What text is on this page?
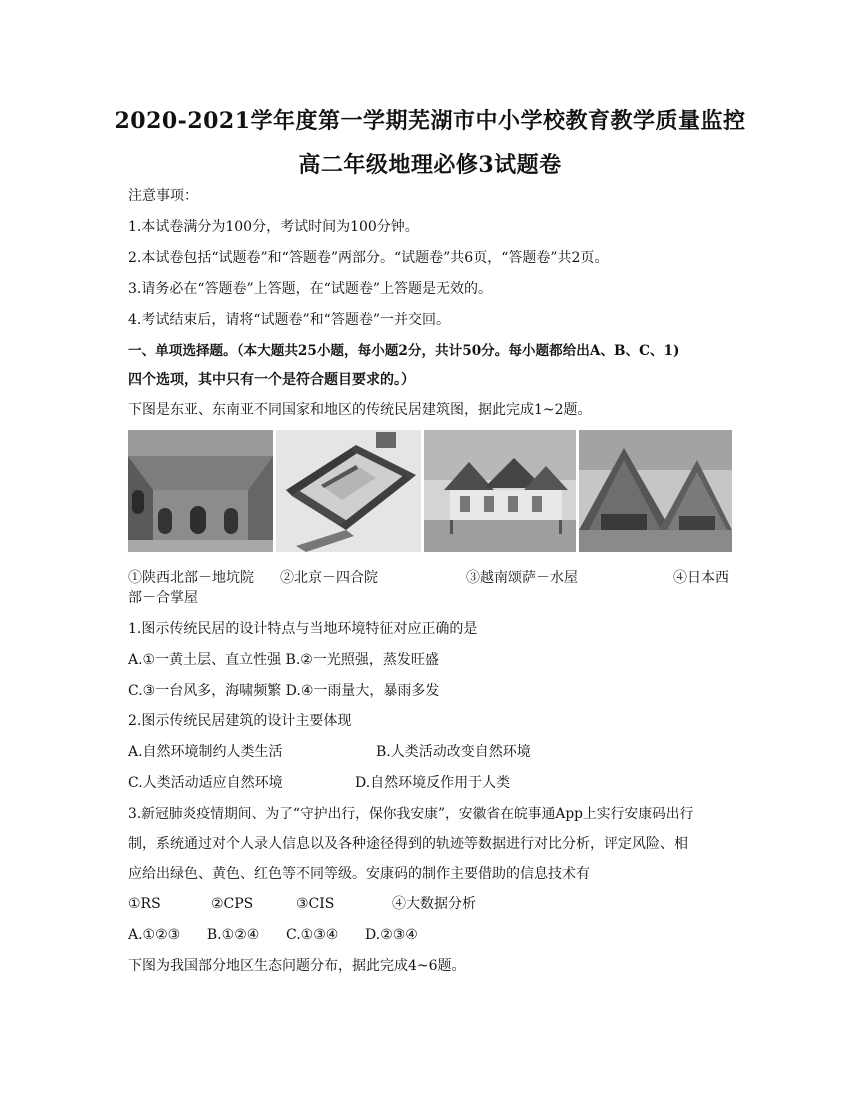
2020-2021学年度第一学期芜湖市中小学校教育教学质量监控
高二年级地理必修3试题卷
注意事项：
1.本试卷满分为100分，考试时间为100分钟。
2.本试卷包括“试题卷”和“答题卷”两部分。“试题卷”共6页，“答题卷”共2页。
3.请务必在“答题卷”上答题，在“试题卷”上答题是无效的。
4.考试结束后，请将“试题卷”和“答题卷”一并交回。
一、单项选择题。（本大题共25小题，每小题2分，共计50分。每小题都给出A、B、C、1)
四个选项，其中只有一个是符合题目要求的。）
下图是东亚、东南亚不同国家和地区的传统民居建筑图，据此完成1~2题。
①陕西北部－地坑院 ②北京－四合院	③越南颂萨－水屋	④日本西
部－合掌屋
1.图示传统民居的设计特点与当地环境特征对应正确的是
A.①一黄土层、直立性强 B.②一光照强，蒸发旺盛
C.③一台风多，海啸频繁 D.④一雨量大，暴雨多发
2.图示传统民居建筑的设计主要体现
A.自然环境制约人类生活	B.人类活动改变自然环境
C.人类活动适应自然环境	D.自然环境反作用于人类
3.新冠肺炎疫情期间、为了“守护出行，保你我安康”，安徽省在皖事通App上实行安康码出行
制，系统通过对个人录人信息以及各种途径得到的轨迹等数据进行对比分析，评定风险、相
应给出绿色、黄色、红色等不同等级。安康码的制作主要借助的信息技术有
①RS	②CPS	③CIS	④大数据分析
A.①②③      B.①②④      C.①③④      D.②③④
下图为我国部分地区生态问题分布，据此完成4~6题。
